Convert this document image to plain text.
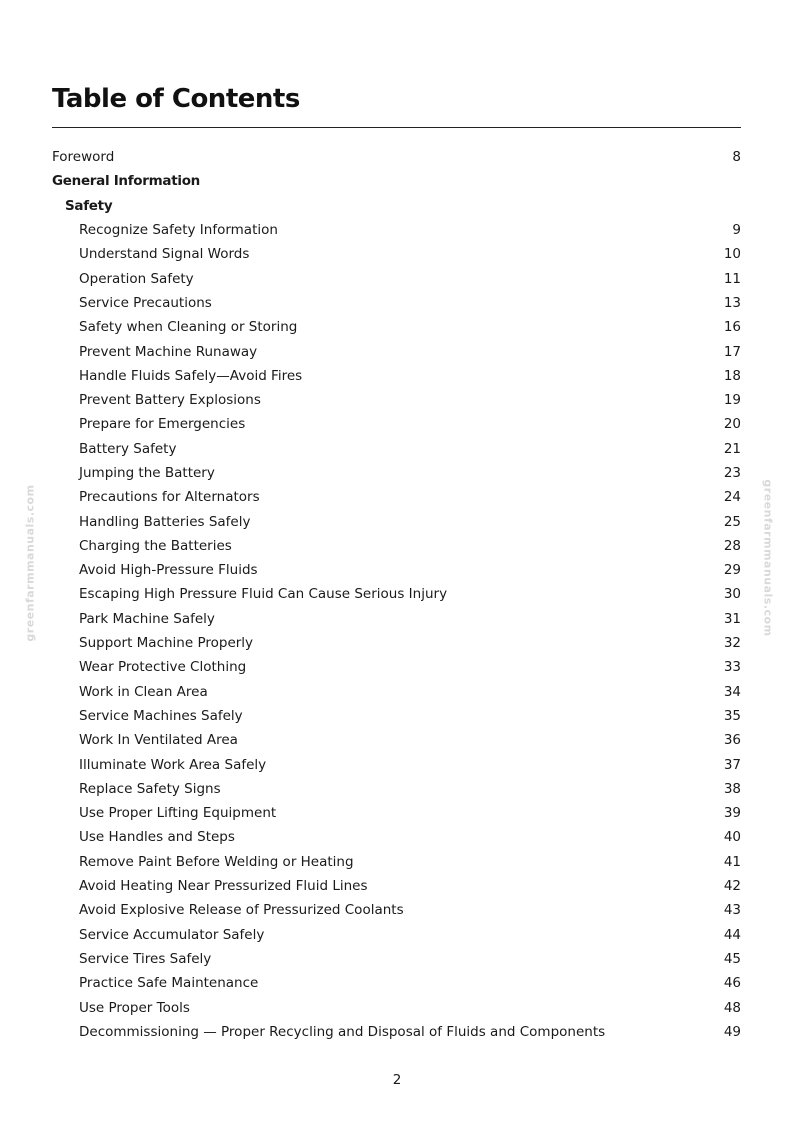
greenfarmmanuals.com	greenfarmmanuals.com
Table of Contents
Foreword	8
General Information
Safety
Recognize Safety Information	9
Understand Signal Words	10
Operation Safety	11
Service Precautions	13
Safety when Cleaning or Storing	16
Prevent Machine Runaway	17
Handle Fluids Safely—Avoid Fires	18
Prevent Battery Explosions	19
Prepare for Emergencies	20
Battery Safety	21
Jumping the Battery	23
Precautions for Alternators	24
Handling Batteries Safely	25
Charging the Batteries	28
Avoid High-Pressure Fluids	29
Escaping High Pressure Fluid Can Cause Serious Injury	30
Park Machine Safely	31
Support Machine Properly	32
Wear Protective Clothing	33
Work in Clean Area	34
Service Machines Safely	35
Work In Ventilated Area	36
Illuminate Work Area Safely	37
Replace Safety Signs	38
Use Proper Lifting Equipment	39
Use Handles and Steps	40
Remove Paint Before Welding or Heating	41
Avoid Heating Near Pressurized Fluid Lines	42
Avoid Explosive Release of Pressurized Coolants	43
Service Accumulator Safely	44
Service Tires Safely	45
Practice Safe Maintenance	46
Use Proper Tools	48
Decommissioning — Proper Recycling and Disposal of Fluids and Components	49
2
